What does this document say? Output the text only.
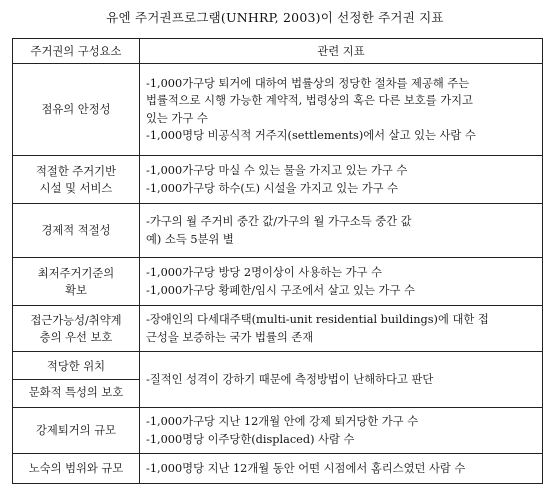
유엔 주거권프로그램(UNHRP, 2003)이 선정한 주거권 지표
주거권의 구성요소	관련 지표

점유의 안정성	-1,000가구당 퇴거에 대하여 법률상의 정당한 절차를 제공해 주는
법률적으로 시행 가능한 계약적, 법령상의 혹은 다른 보호를 가지고
있는 가구 수
-1,000명당 비공식적 거주지(settlements)에서 살고 있는 사람 수

적절한 주거기반
시설 및 서비스	-1,000가구당 마실 수 있는 물을 가지고 있는 가구 수
-1,000가구당 하수(도) 시설을 가지고 있는 가구 수

경제적 적절성	-가구의 월 주거비 중간 값/가구의 월 가구소득 중간 값
예) 소득 5분위 별

최저주거기준의
확보	-1,000가구당 방당 2명이상이 사용하는 가구 수
-1,000가구당 황폐한/임시 구조에서 살고 있는 가구 수

접근가능성/취약계
층의 우선 보호	-장애인의 다세대주택(multi-unit residential buildings)에 대한 접
근성을 보증하는 국가 법률의 존재

적당한 위치
문화적 특성의 보호	-질적인 성격이 강하기 때문에 측정방법이 난해하다고 판단

강제퇴거의 규모	-1,000가구당 지난 12개월 안에 강제 퇴거당한 가구 수
-1,000명당 이주당한(displaced) 사람 수

노숙의 범위와 규모	-1,000명당 지난 12개월 동안 어떤 시점에서 홈리스였던 사람 수
